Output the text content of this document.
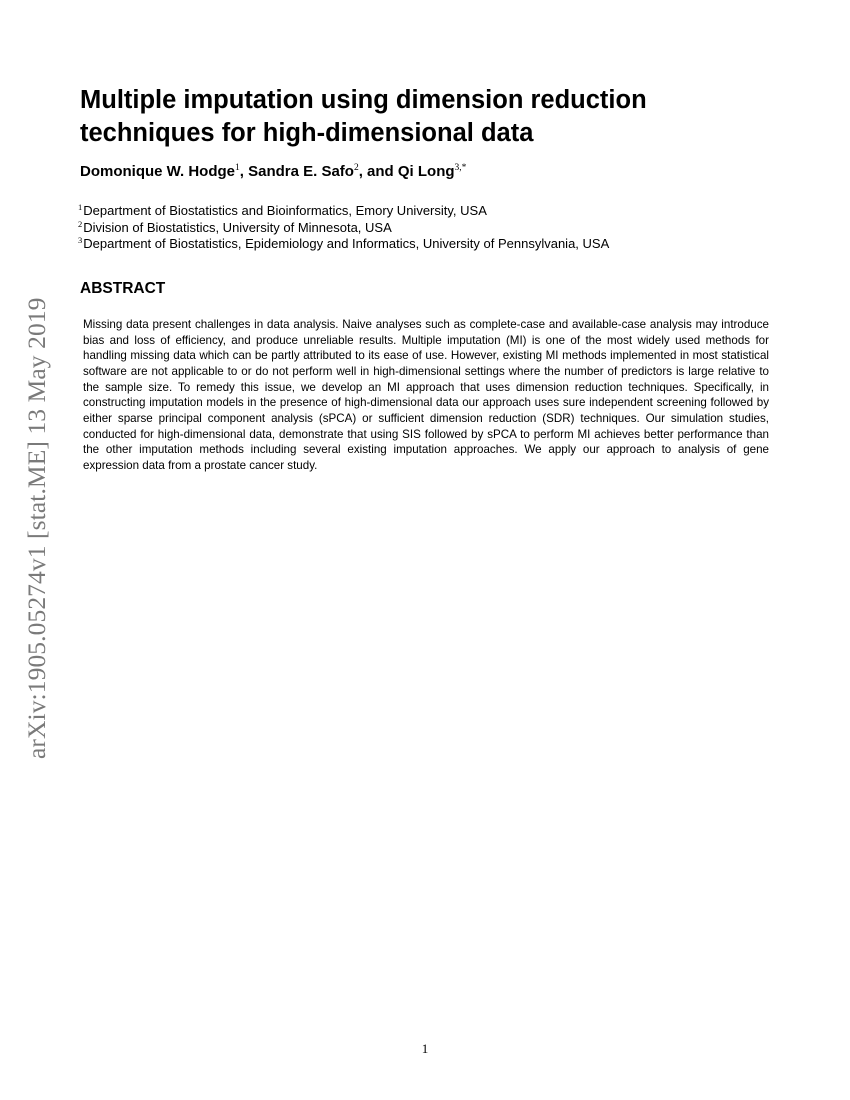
arXiv:1905.05274v1 [stat.ME] 13 May 2019
Multiple imputation using dimension reduction techniques for high-dimensional data
Domonique W. Hodge$^1$, Sandra E. Safo$^2$, and Qi Long$^{3,*}$
$^1$Department of Biostatistics and Bioinformatics, Emory University, USA
$^2$Division of Biostatistics, University of Minnesota, USA
$^3$Department of Biostatistics, Epidemiology and Informatics, University of Pennsylvania, USA
ABSTRACT

Missing data present challenges in data analysis. Naive analyses such as complete-case and available-case analysis may introduce bias and loss of efficiency, and produce unreliable results. Multiple imputation (MI) is one of the most widely used methods for handling missing data which can be partly attributed to its ease of use. However, existing MI methods implemented in most statistical software are not applicable to or do not perform well in high-dimensional settings where the number of predictors is large relative to the sample size. To remedy this issue, we develop an MI approach that uses dimension reduction techniques. Specifically, in constructing imputation models in the presence of high-dimensional data our approach uses sure independent screening followed by either sparse principal component analysis (sPCA) or sufficient dimension reduction (SDR) techniques. Our simulation studies, conducted for high-dimensional data, demonstrate that using SIS followed by sPCA to perform MI achieves better performance than the other imputation methods including several existing imputation approaches. We apply our approach to analysis of gene expression data from a prostate cancer study.

1
